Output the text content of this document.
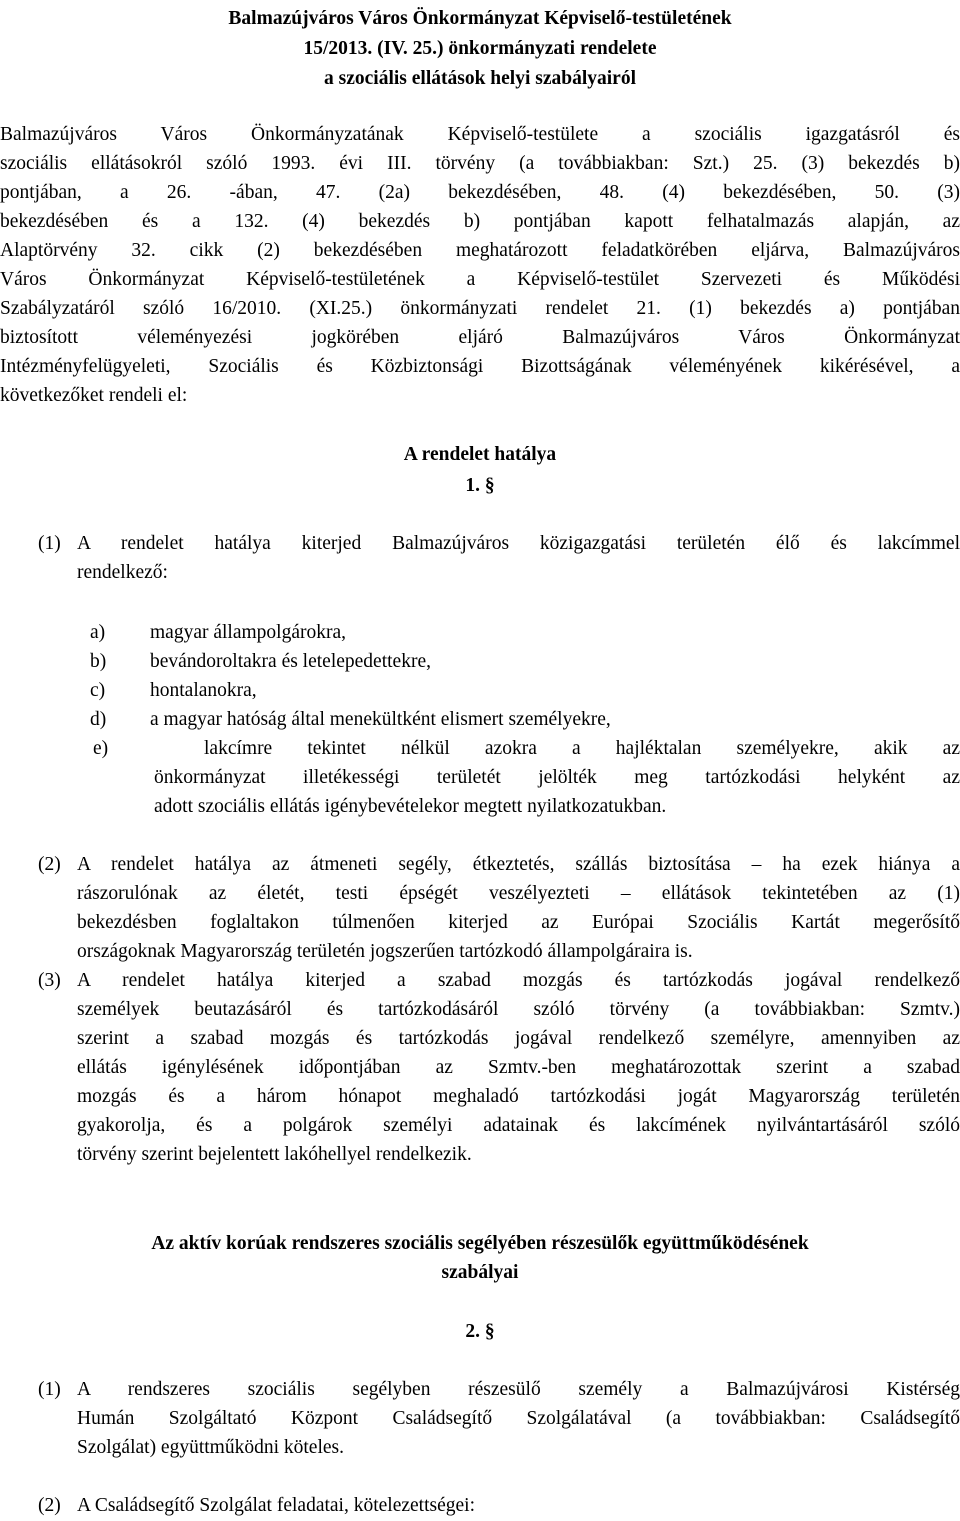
Balmazújváros Város Önkormányzat Képviselő-testületének
15/2013. (IV. 25.) önkormányzati rendelete
a szociális ellátások helyi szabályairól
Balmazújváros Város Önkormányzatának Képviselő-testülete a szociális igazgatásról és
szociális ellátásokról szóló 1993. évi III. törvény (a továbbiakban: Szt.) 25. (3) bekezdés b)
pontjában, a 26. -ában, 47. (2a) bekezdésében, 48. (4) bekezdésében, 50. (3)
bekezdésében és a 132. (4) bekezdés b) pontjában kapott felhatalmazás alapján, az
Alaptörvény 32. cikk (2) bekezdésében meghatározott feladatkörében eljárva, Balmazújváros
Város Önkormányzat Képviselő-testületének a Képviselő-testület Szervezeti és Működési
Szabályzatáról szóló 16/2010. (XI.25.) önkormányzati rendelet 21. (1) bekezdés a) pontjában
biztosított véleményezési jogkörében eljáró Balmazújváros Város Önkormányzat
Intézményfelügyeleti, Szociális és Közbiztonsági Bizottságának véleményének kikérésével, a
következőket rendeli el:
A rendelet hatálya
1. §
(1) A rendelet hatálya kiterjed Balmazújváros közigazgatási területén élő és lakcímmel
rendelkező:
a) magyar állampolgárokra,
b) bevándoroltakra és letelepedettekre,
c) hontalanokra,
d) a magyar hatóság által menekültként elismert személyekre,
e)	lakcímre tekintet nélkül azokra a hajléktalan személyekre, akik az
önkormányzat illetékességi területét jelölték meg tartózkodási helyként az
adott szociális ellátás igénybevételekor megtett nyilatkozatukban.
(2) A rendelet hatálya az átmeneti segély, étkeztetés, szállás biztosítása – ha ezek hiánya a
rászorulónak az életét, testi épségét veszélyezteti – ellátások tekintetében az (1)
bekezdésben foglaltakon túlmenően kiterjed az Európai Szociális Kartát megerősítő
országoknak Magyarország területén jogszerűen tartózkodó állampolgáraira is.
(3) A rendelet hatálya kiterjed a szabad mozgás és tartózkodás jogával rendelkező
személyek beutazásáról és tartózkodásáról szóló törvény (a továbbiakban: Szmtv.)
szerint a szabad mozgás és tartózkodás jogával rendelkező személyre, amennyiben az
ellátás igénylésének időpontjában az Szmtv.-ben meghatározottak szerint a szabad
mozgás és a három hónapot meghaladó tartózkodási jogát Magyarország területén
gyakorolja, és a polgárok személyi adatainak és lakcímének nyilvántartásáról szóló
törvény szerint bejelentett lakóhellyel rendelkezik.
Az aktív korúak rendszeres szociális segélyében részesülők együttműködésének
szabályai
2. §
(1) A rendszeres szociális segélyben részesülő személy a Balmazújvárosi Kistérség
Humán Szolgáltató Központ Családsegítő Szolgálatával (a továbbiakban: Családsegítő
Szolgálat) együttműködni köteles.
(2) A Családsegítő Szolgálat feladatai, kötelezettségei:
